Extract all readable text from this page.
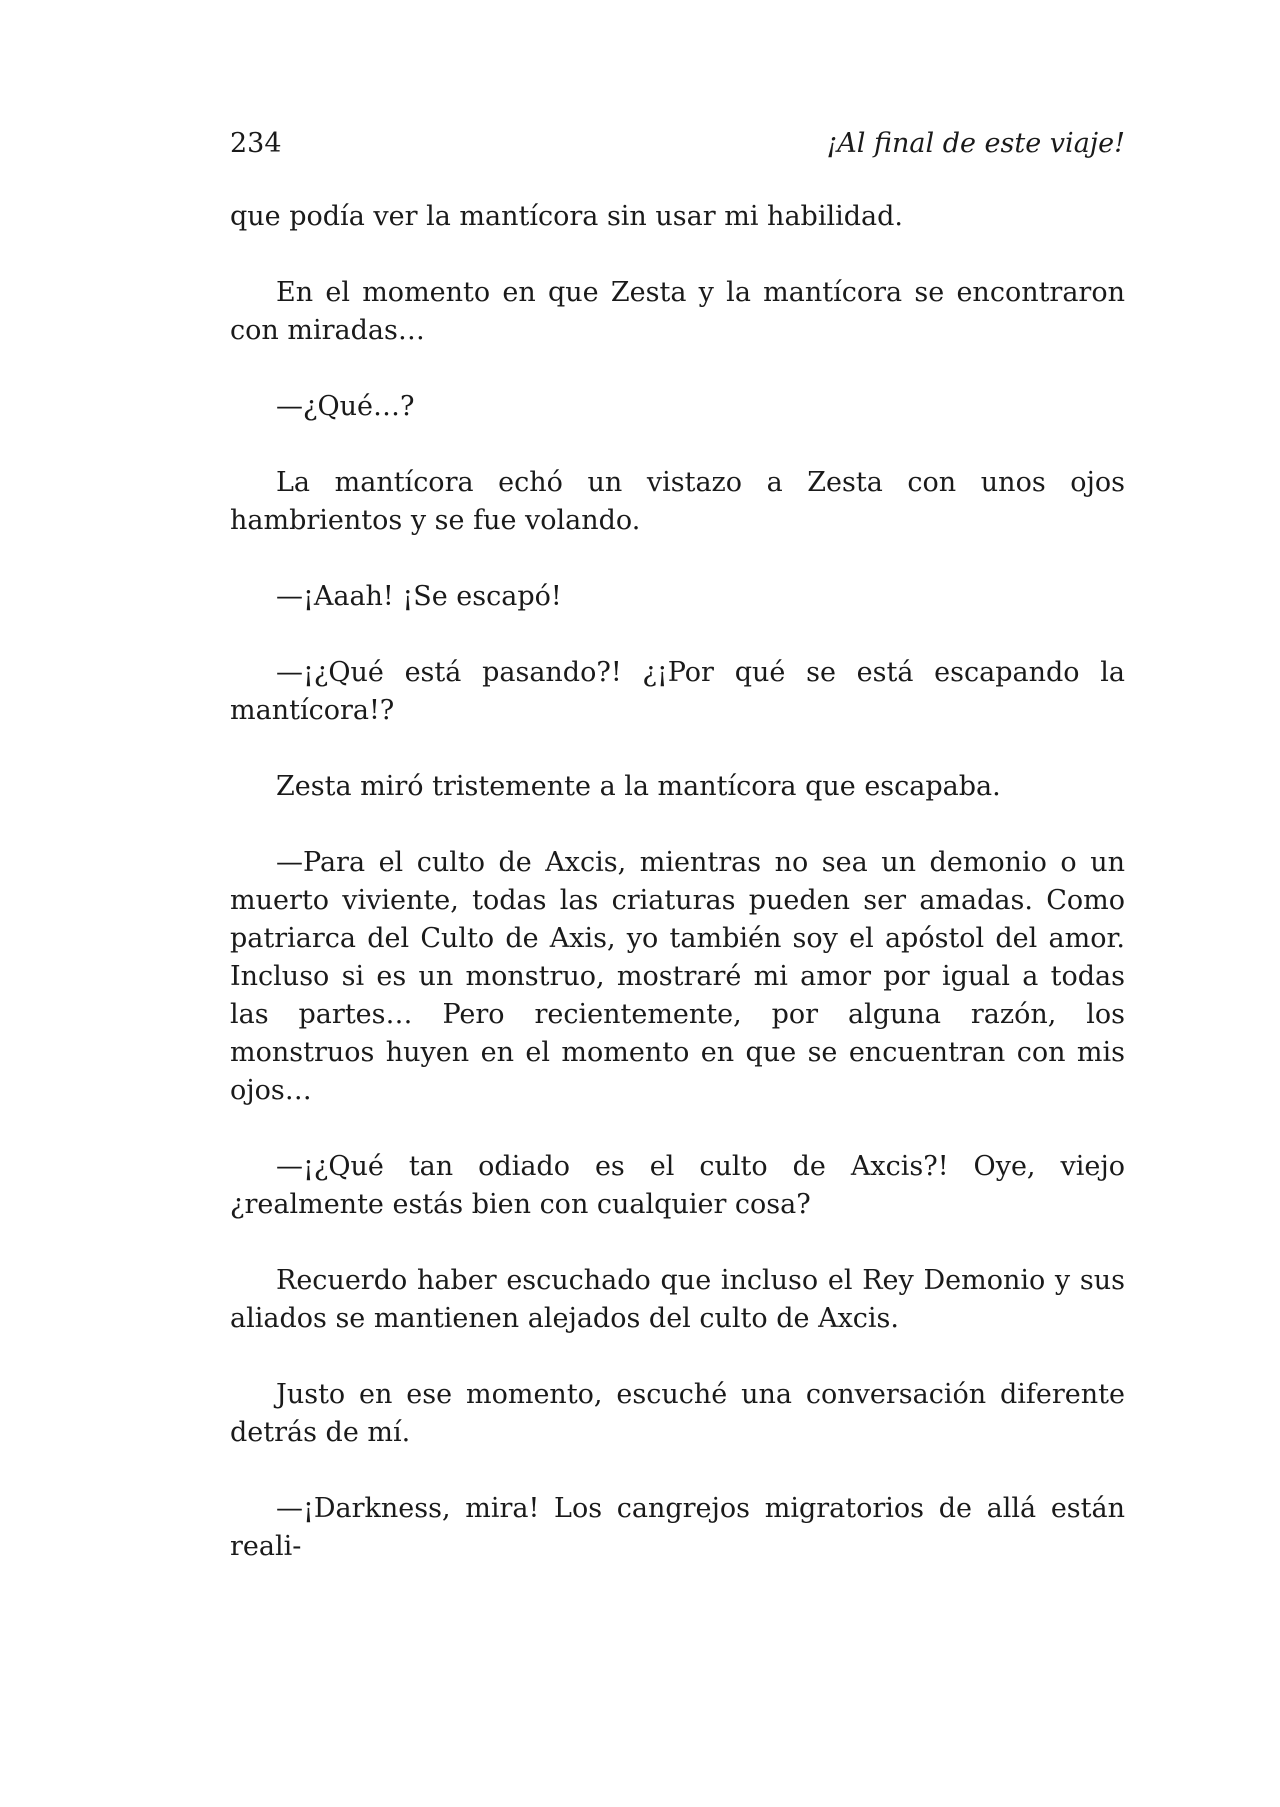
234	¡Al final de este viaje!

que podía ver la mantícora sin usar mi habilidad.

En el momento en que Zesta y la mantícora se encontraron con miradas…

—¿Qué…?

La mantícora echó un vistazo a Zesta con unos ojos hambrientos y se fue volando.

—¡Aaah! ¡Se escapó!

—¡¿Qué está pasando?! ¿¡Por qué se está escapando la mantícora!?

Zesta miró tristemente a la mantícora que escapaba.

—Para el culto de Axcis, mientras no sea un demonio o un muerto viviente, todas las criaturas pueden ser amadas. Como patriarca del Culto de Axis, yo también soy el apóstol del amor. Incluso si es un monstruo, mostraré mi amor por igual a todas las partes… Pero recientemente, por alguna razón, los monstruos huyen en el momento en que se encuentran con mis ojos…

—¡¿Qué tan odiado es el culto de Axcis?! Oye, viejo ¿realmente estás bien con cualquier cosa?

Recuerdo haber escuchado que incluso el Rey Demonio y sus aliados se mantienen alejados del culto de Axcis.

Justo en ese momento, escuché una conversación diferente detrás de mí.

—¡Darkness, mira! Los cangrejos migratorios de allá están reali-
